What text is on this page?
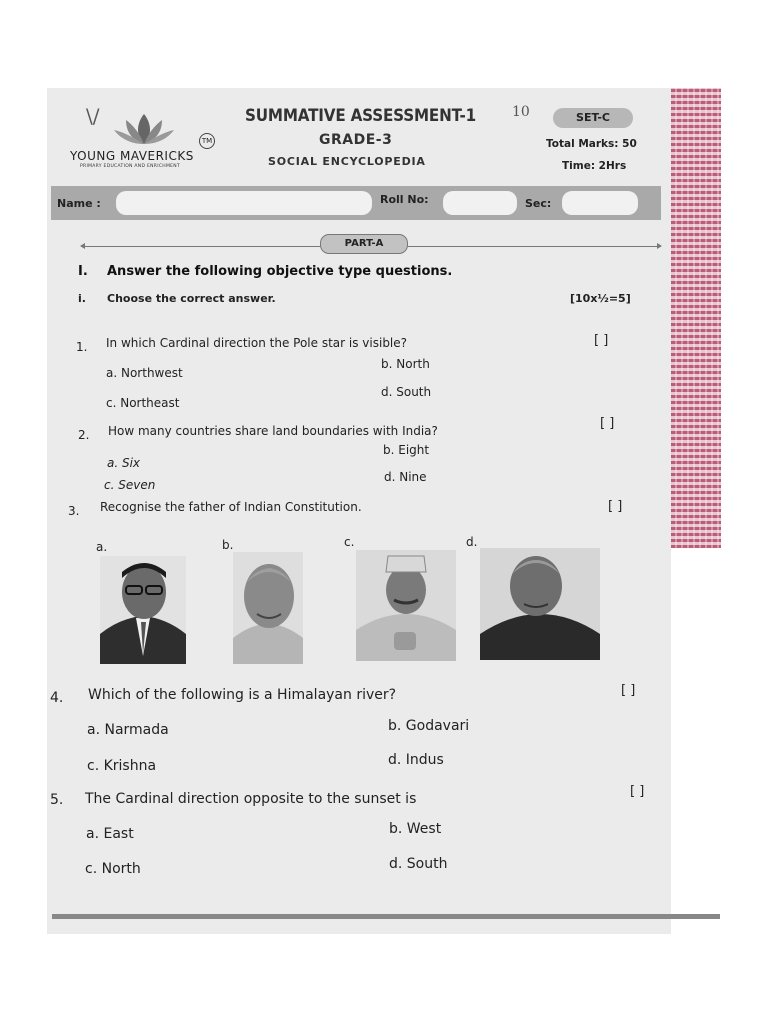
TM
YOUNG MAVERICKS
PRIMARY EDUCATION AND ENRICHMENT
\/	SUMMATIVE ASSESSMENT-1	10
GRADE-3
SOCIAL ENCYCLOPEDIA
SET-C
Total Marks: 50
Time: 2Hrs
Name :	Roll No:	Sec:
PART-A
I. Answer the following objective type questions.
i. Choose the correct answer.	[10x½=5]
1. In which Cardinal direction the Pole star is visible?	[ ]
a. Northwest
b. North
c. Northeast
d. South
2. How many countries share land boundaries with India?	[ ]
a. Six
b. Eight
c. Seven
d. Nine
3. Recognise the father of Indian Constitution.	[ ]
a.	b.	c.	d.
4. Which of the following is a Himalayan river?	[ ]
a. Narmada	b. Godavari
c. Krishna	d. Indus
5. The Cardinal direction opposite to the sunset is	[ ]
a. East	b. West
c. North	d. South
